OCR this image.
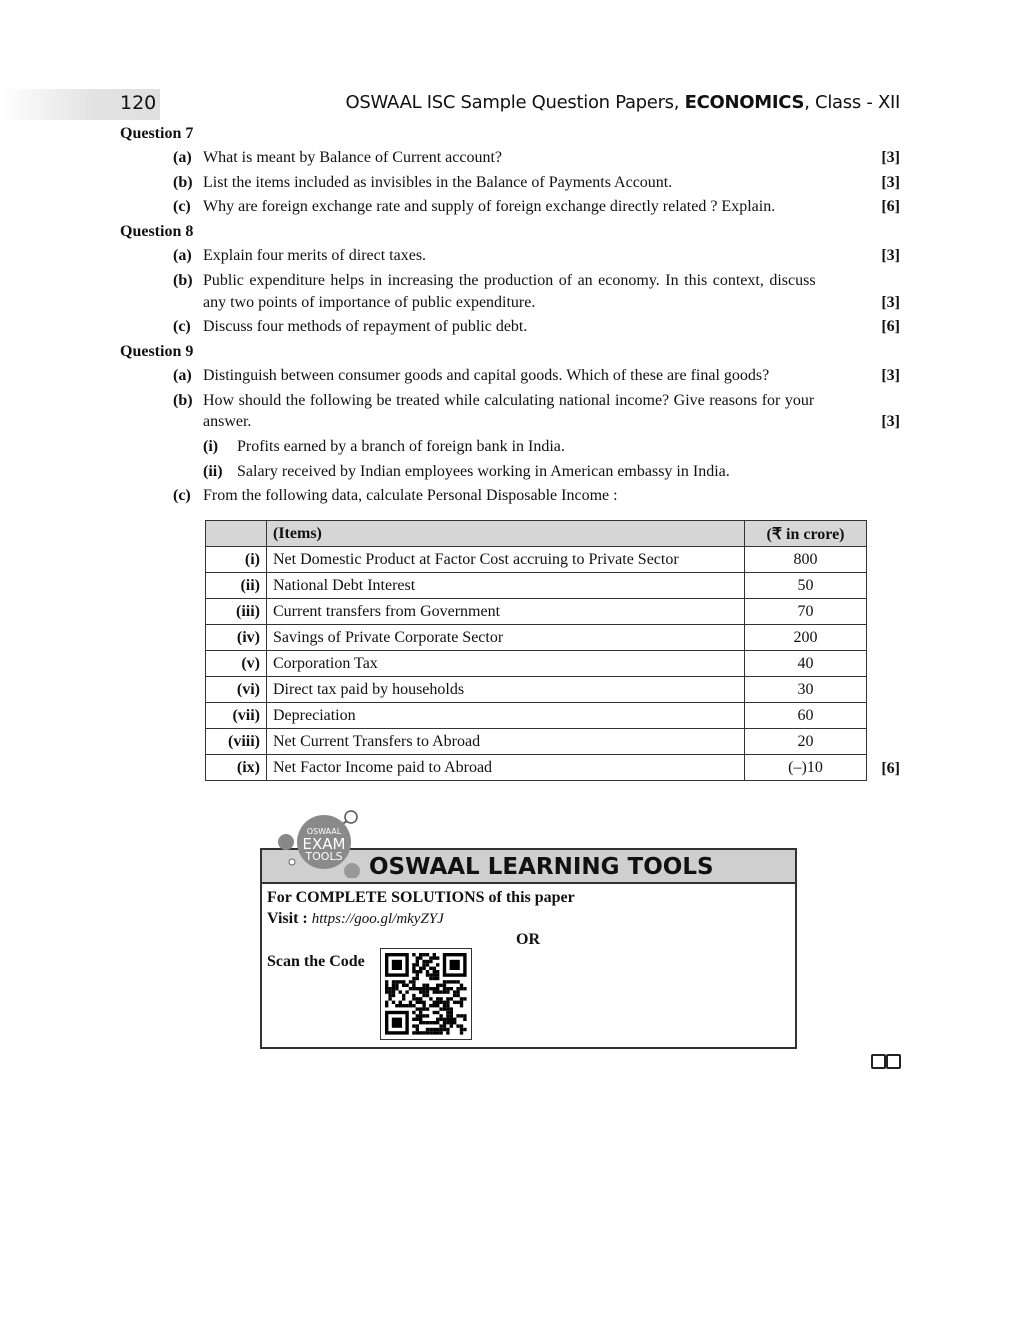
120	OSWAAL ISC Sample Question Papers, ECONOMICS, Class - XII
Question 7
(a) What is meant by Balance of Current account?	[3]
(b) List the items included as invisibles in the Balance of Payments Account.	[3]
(c) Why are foreign exchange rate and supply of foreign exchange directly related ? Explain.	[6]
Question 8
(a) Explain four merits of direct taxes.	[3]
(b) Public expenditure helps in increasing the production of an economy. In this context, discuss
any two points of importance of public expenditure.	[3]
(c) Discuss four methods of repayment of public debt.	[6]
Question 9
(a) Distinguish between consumer goods and capital goods. Which of these are final goods?	[3]
(b) How should the following be treated while calculating national income? Give reasons for your
answer.	[3]
(i) Profits earned by a branch of foreign bank in India.
(ii) Salary received by Indian employees working in American embassy in India.
(c) From the following data, calculate Personal Disposable Income :
[6]
	(Items)	(₹ in crore)
(i)	Net Domestic Product at Factor Cost accruing to Private Sector	800
(ii)	National Debt Interest	50
(iii)	Current transfers from Government	70
(iv)	Savings of Private Corporate Sector	200
(v)	Corporation Tax	40
(vi)	Direct tax paid by households	30
(vii)	Depreciation	60
(viii)	Net Current Transfers to Abroad	20
(ix)	Net Factor Income paid to Abroad	(–)10
OSWAAL LEARNING TOOLS
For COMPLETE SOLUTIONS of this paper
Visit : https://goo.gl/mkyZYJ
OR
Scan the Code
OSWAAL
EXAM
TOOLS
